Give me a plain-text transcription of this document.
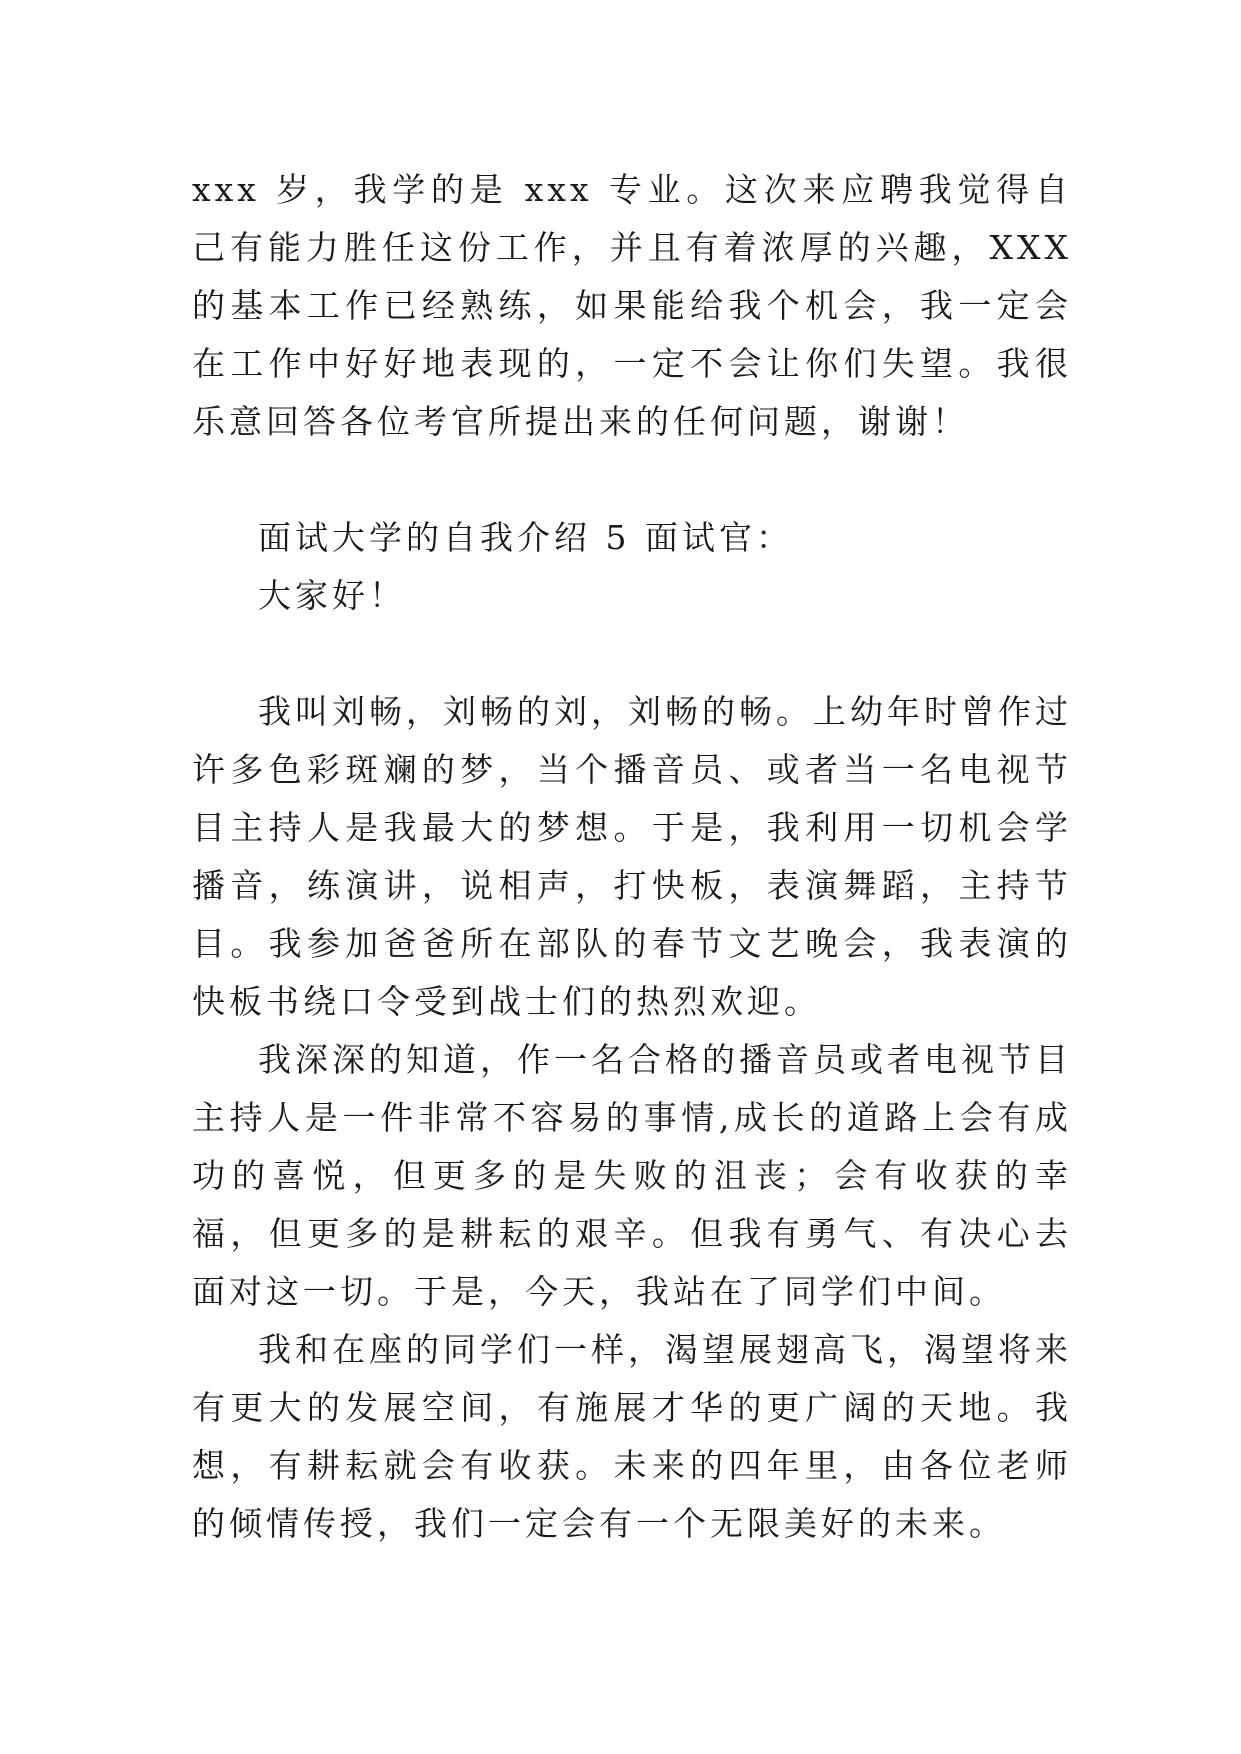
xxx 岁，我学的是 xxx 专业。这次来应聘我觉得自己有能力胜任这份工作，并且有着浓厚的兴趣，XXX 的基本工作已经熟练，如果能给我个机会，我一定会在工作中好好地表现的，一定不会让你们失望。我很乐意回答各位考官所提出来的任何问题，谢谢！

面试大学的自我介绍 5 面试官：

大家好！

我叫刘畅，刘畅的刘，刘畅的畅。上幼年时曾作过许多色彩斑斓的梦，当个播音员、或者当一名电视节目主持人是我最大的梦想。于是，我利用一切机会学播音，练演讲，说相声，打快板，表演舞蹈，主持节目。我参加爸爸所在部队的春节文艺晚会，我表演的快板书绕口令受到战士们的热烈欢迎。

我深深的知道，作一名合格的播音员或者电视节目主持人是一件非常不容易的事情,成长的道路上会有成功的喜悦，但更多的是失败的沮丧；会有收获的幸福，但更多的是耕耘的艰辛。但我有勇气、有决心去面对这一切。于是，今天，我站在了同学们中间。

我和在座的同学们一样，渴望展翅高飞，渴望将来有更大的发展空间，有施展才华的更广阔的天地。我想，有耕耘就会有收获。未来的四年里，由各位老师的倾情传授，我们一定会有一个无限美好的未来。
